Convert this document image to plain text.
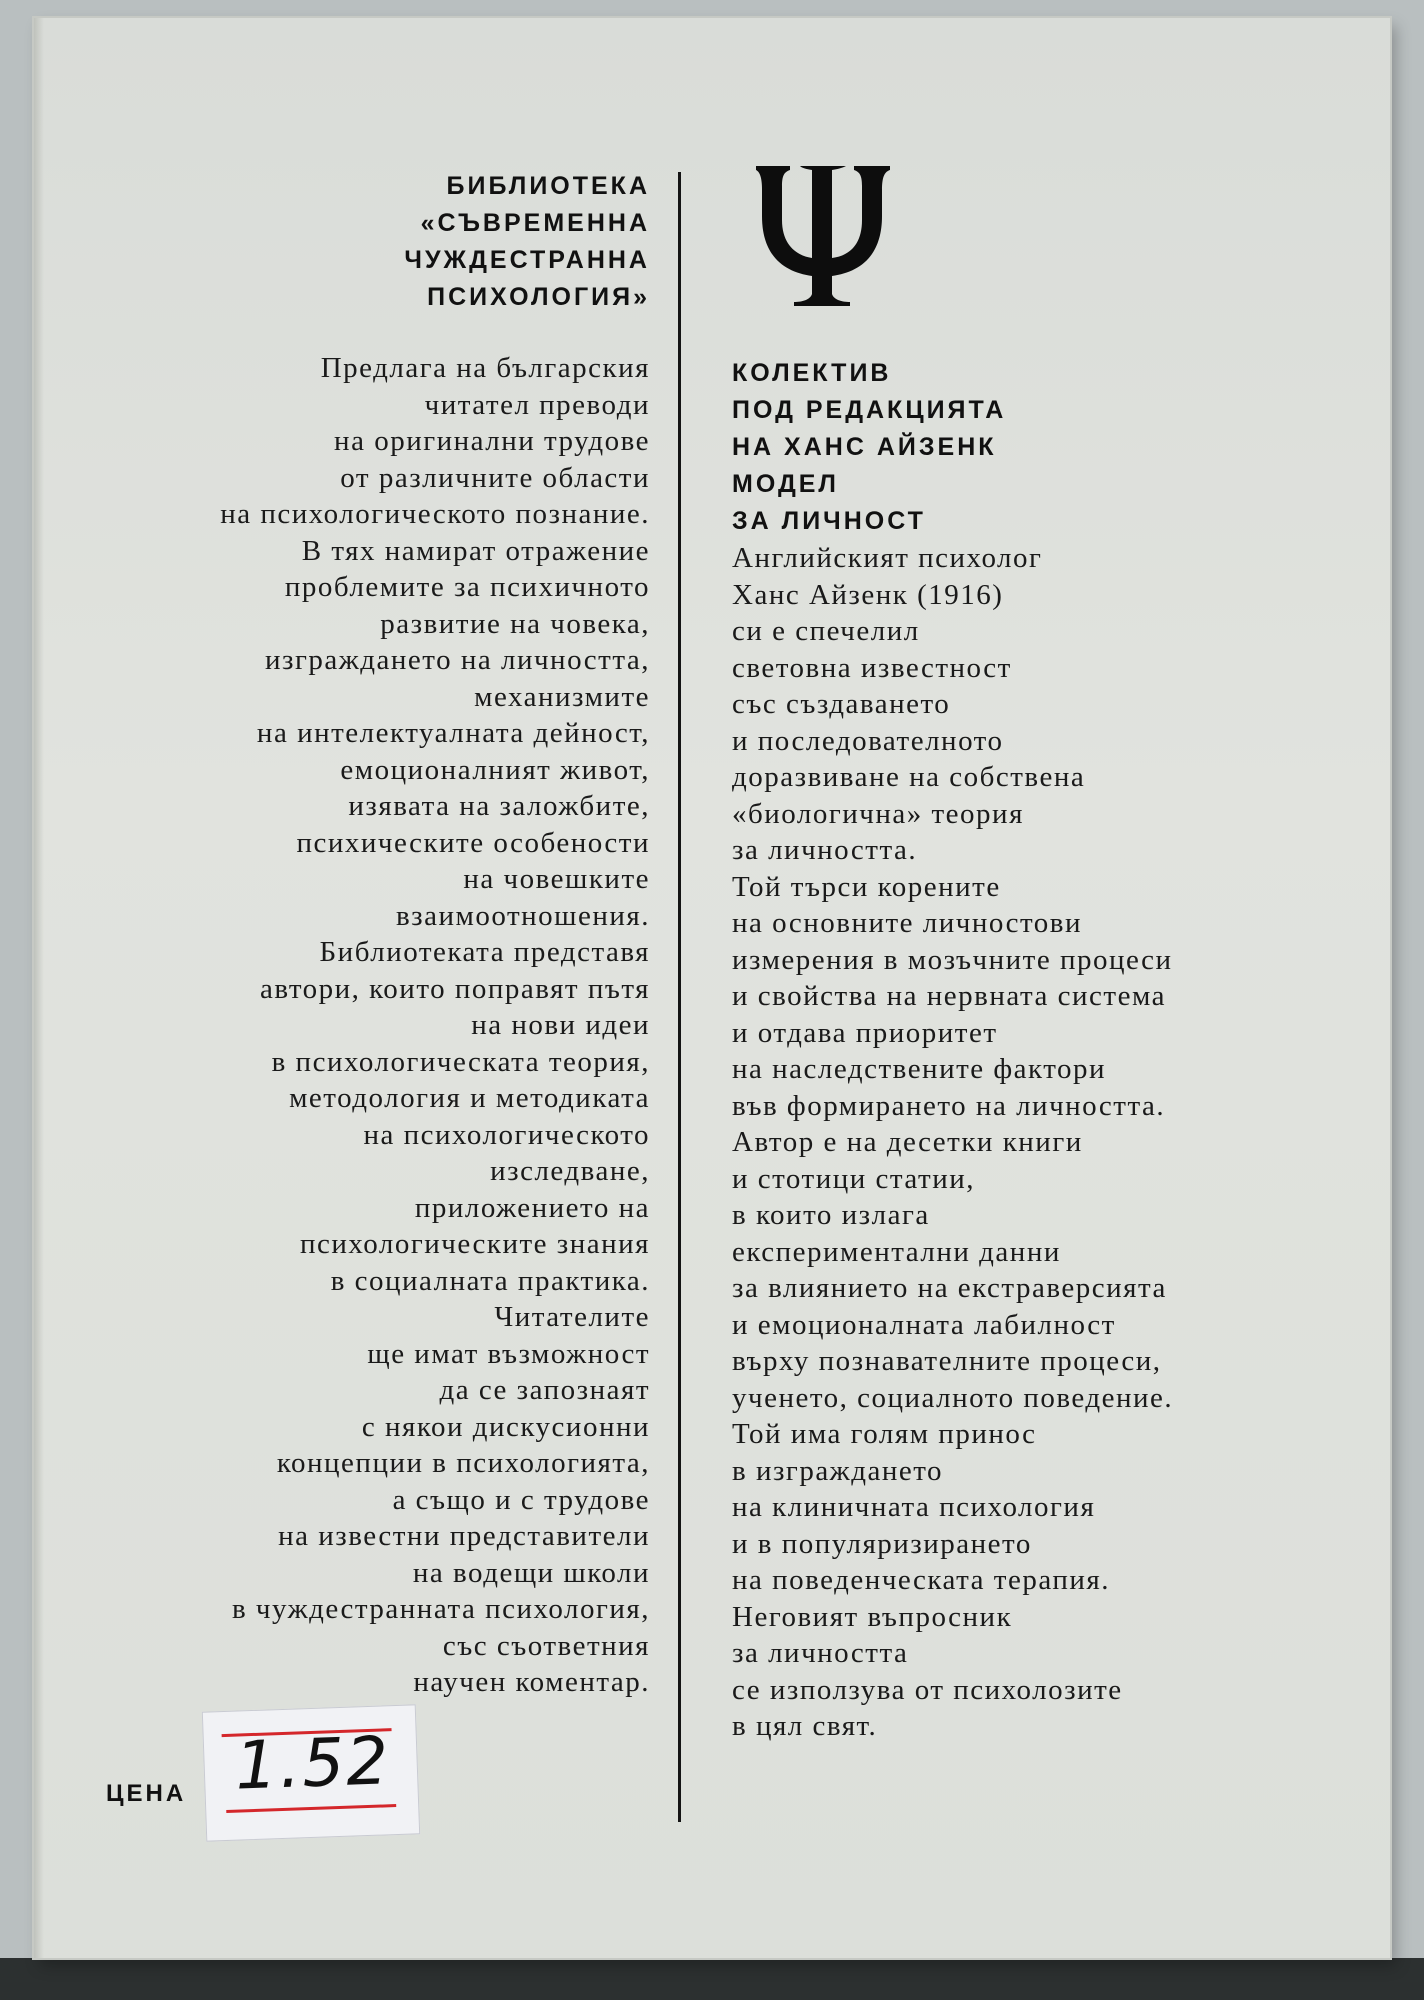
БИБЛИОТЕКА
«СЪВРЕМЕННА
ЧУЖДЕСТРАННА
ПСИХОЛОГИЯ»
Предлага на българския
читател преводи
на оригинални трудове
от различните области
на психологическото познание.
В тях намират отражение
проблемите за психичното
развитие на човека,
изграждането на личността,
механизмите
на интелектуалната дейност,
емоционалният живот,
изявата на заложбите,
психическите особености
на човешките
взаимоотношения.
Библиотеката представя
автори, които поправят пътя
на нови идеи
в психологическата теория,
методология и методиката
на психологическото
изследване,
приложението на
психологическите знания
в социалната практика.
Читателите
ще имат възможност
да се запознаят
с някои дискусионни
концепции в психологията,
а също и с трудове
на известни представители
на водещи школи
в чуждестранната психология,
със съответния
научен коментар.
КОЛЕКТИВ
ПОД РЕДАКЦИЯТА
НА ХАНС АЙЗЕНК
МОДЕЛ
ЗА ЛИЧНОСТ
Английският психолог
Ханс Айзенк (1916)
си е спечелил
световна известност
със създаването
и последователното
доразвиване на собствена
«биологична» теория
за личността.
Той търси корените
на основните личностови
измерения в мозъчните процеси
и свойства на нервната система
и отдава приоритет
на наследствените фактори
във формирането на личността.
Автор е на десетки книги
и стотици статии,
в които излага
експериментални данни
за влиянието на екстраверсията
и емоционалната лабилност
върху познавателните процеси,
ученето, социалното поведение.
Той има голям принос
в изграждането
на клиничната психология
и в популяризирането
на поведенческата терапия.
Неговият въпросник
за личността
се използува от психолозите
в цял свят.
ЦЕНА 1.52
